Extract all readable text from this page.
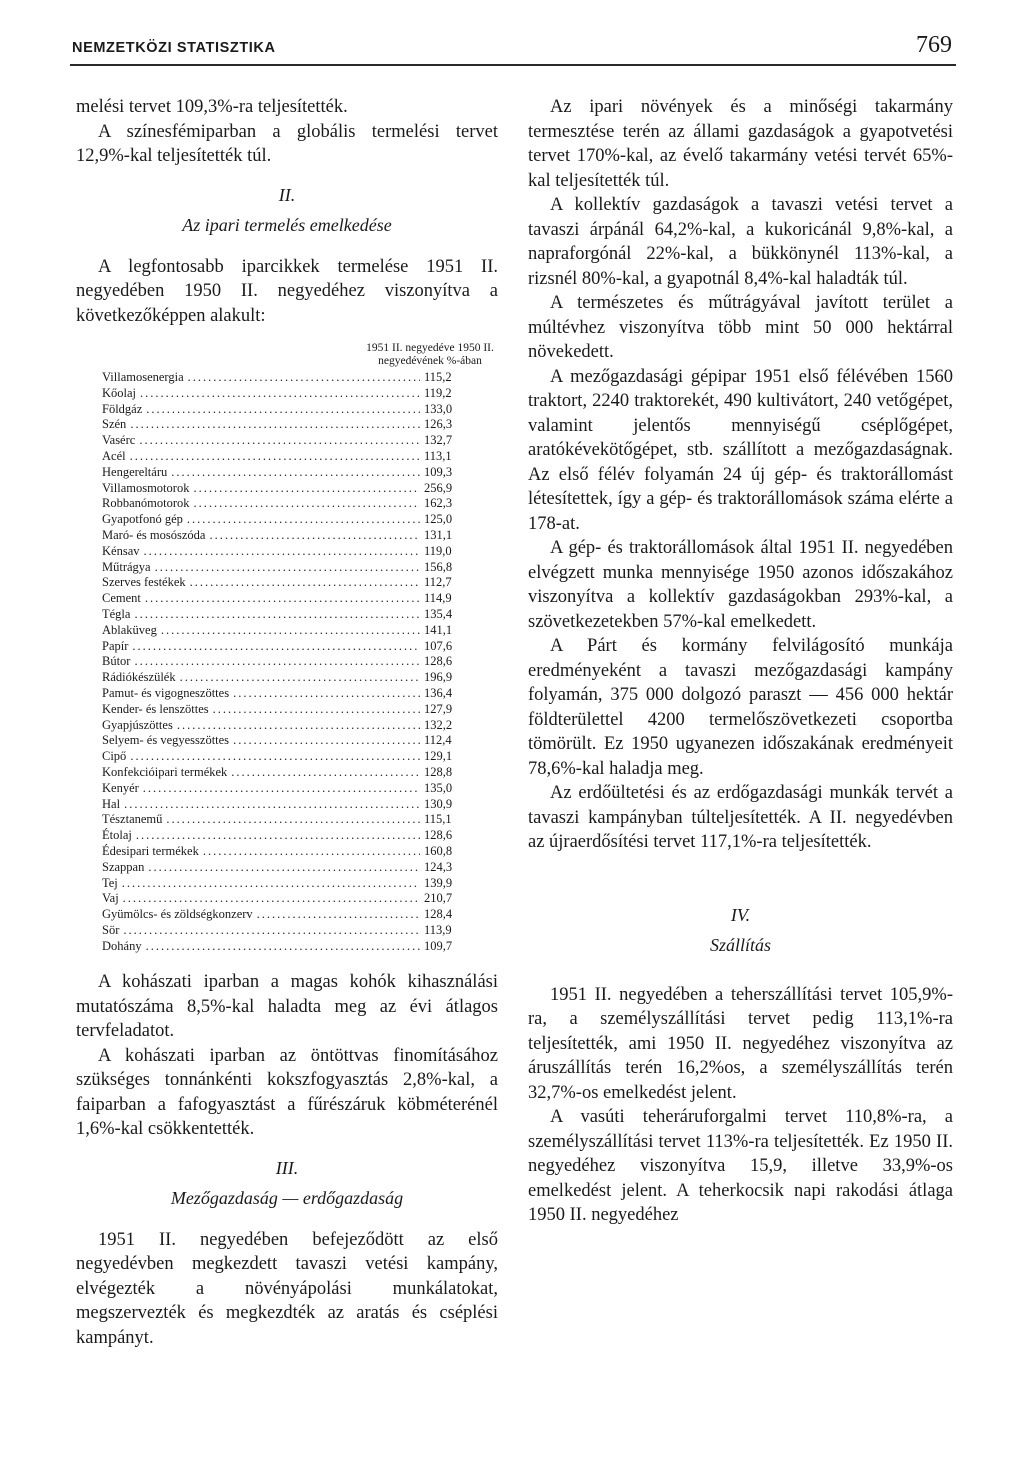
NEMZETKÖZI STATISZTIKA	769

melési tervet 109,3%-ra teljesítették.

A színesfémiparban a globális termelési tervet 12,9%-kal teljesítették túl.

II.
Az ipari termelés emelkedése

A legfontosabb iparcikkek termelése 1951 II. negyedében 1950 II. negyedéhez viszonyítva a következőképpen alakult:

1951 II. negyedéve 1950 II. negyedévének %-ában
Villamosenergia .....	115,2
Kőolaj .....	119,2
Földgáz .....	133,0
Szén .....	126,3
Vasérc .....	132,7
Acél .....	113,1
Hengereltáru .....	109,3
Villamosmotorok .....	256,9
Robbanómotorok .....	162,3
Gyapotfonó gép .....	125,0
Maró- és mosószóda .....	131,1
Kénsav .....	119,0
Műtrágya .....	156,8
Szerves festékek .....	112,7
Cement .....	114,9
Tégla .....	135,4
Ablaküveg .....	141,1
Papír .....	107,6
Bútor .....	128,6
Rádiókészülék .....	196,9
Pamut- és vigogneszöttes .....	136,4
Kender- és lenszöttes .....	127,9
Gyapjúszöttes .....	132,2
Selyem- és vegyesszöttes .....	112,4
Cipő .....	129,1
Konfekcióipari termékek .....	128,8
Kenyér .....	135,0
Hal .....	130,9
Tésztanemű .....	115,1
Étolaj .....	128,6
Édesipari termékek .....	160,8
Szappan .....	124,3
Tej .....	139,9
Vaj .....	210,7
Gyümölcs- és zöldségkonzerv .....	128,4
Sör .....	113,9
Dohány .....	109,7

A kohászati iparban a magas kohók kihasználási mutatószáma 8,5%-kal haladta meg az évi átlagos tervfeladatot.

A kohászati iparban az öntöttvas finomításához szükséges tonnánkénti kokszfogyasztás 2,8%-kal, a faiparban a fafogyasztást a fűrészáruk köbméterénél 1,6%-kal csökkentették.

III.
Mezőgazdaság — erdőgazdaság

1951 II. negyedében befejeződött az első negyedévben megkezdett tavaszi vetési kampány, elvégezték a növényápolási munkálatokat, megszervezték és megkezdték az aratás és cséplési kampányt.

Az ipari növények és a minőségi takarmány termesztése terén az állami gazdaságok a gyapotvetési tervet 170%-kal, az évelő takarmány vetési tervét 65%-kal teljesítették túl.

A kollektív gazdaságok a tavaszi vetési tervet a tavaszi árpánál 64,2%-kal, a kukoricánál 9,8%-kal, a napraforgónál 22%-kal, a bükkönynél 113%-kal, a rizsnél 80%-kal, a gyapotnál 8,4%-kal haladták túl.

A természetes és műtrágyával javított terület a múltévhez viszonyítva több mint 50 000 hektárral növekedett.

A mezőgazdasági gépipar 1951 első félévében 1560 traktort, 2240 traktorekét, 490 kultivátort, 240 vetőgépet, valamint jelentős mennyiségű cséplőgépet, aratókévekötőgépet, stb. szállított a mezőgazdaságnak. Az első félév folyamán 24 új gép- és traktorállomást létesítettek, így a gép- és traktorállomások száma elérte a 178-at.

A gép- és traktorállomások által 1951 II. negyedében elvégzett munka mennyisége 1950 azonos időszakához viszonyítva a kollektív gazdaságokban 293%-kal, a szövetkezetekben 57%-kal emelkedett.

A Párt és kormány felvilágosító munkája eredményeként a tavaszi mezőgazdasági kampány folyamán, 375 000 dolgozó paraszt — 456 000 hektár földterülettel 4200 termelőszövetkezeti csoportba tömörült. Ez 1950 ugyanezen időszakának eredményeit 78,6%-kal haladja meg.

Az erdőültetési és az erdőgazdasági munkák tervét a tavaszi kampányban túlteljesítették. A II. negyedévben az újraerdősítési tervet 117,1%-ra teljesítették.

IV.
Szállítás

1951 II. negyedében a teherszállítási tervet 105,9%-ra, a személyszállítási tervet pedig 113,1%-ra teljesítették, ami 1950 II. negyedéhez viszonyítva az áruszállítás terén 16,2%os, a személyszállítás terén 32,7%-os emelkedést jelent.

A vasúti teheráruforgalmi tervet 110,8%-ra, a személyszállítási tervet 113%-ra teljesítették. Ez 1950 II. negyedéhez viszonyítva 15,9, illetve 33,9%-os emelkedést jelent. A teherkocsik napi rakodási átlaga 1950 II. negyedéhez
